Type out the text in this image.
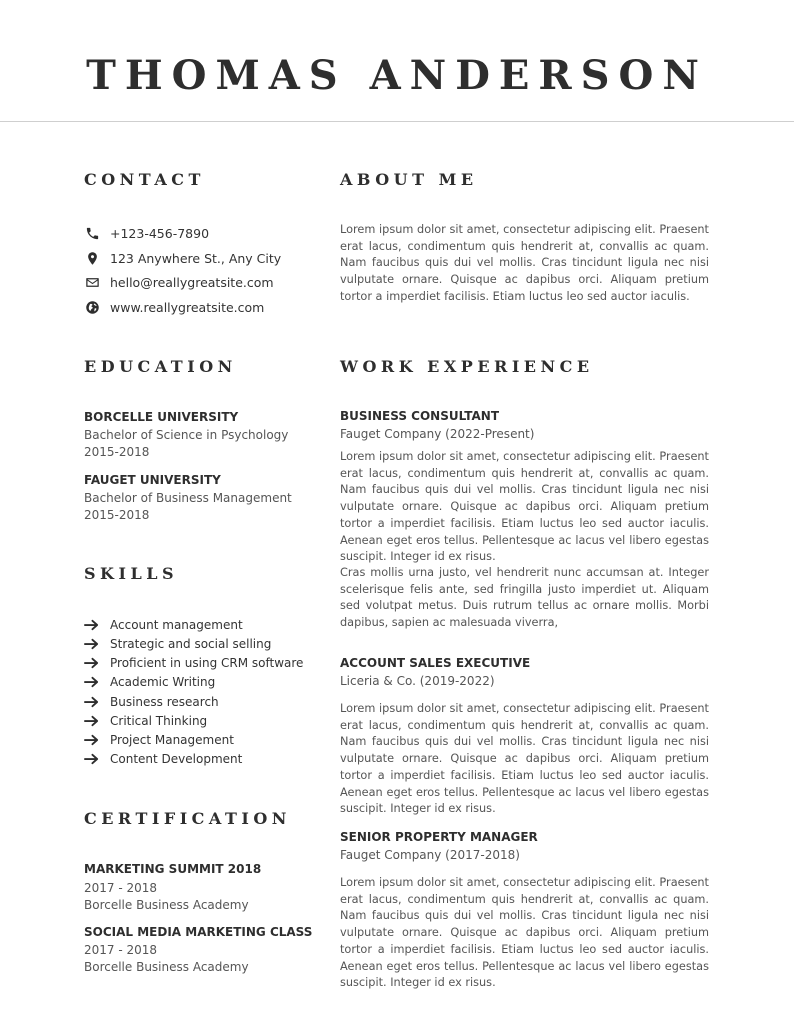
THOMAS ANDERSON
CONTACT
+123-456-7890
123 Anywhere St., Any City
hello@reallygreatsite.com
www.reallygreatsite.com
ABOUT ME

Lorem ipsum dolor sit amet, consectetur adipiscing elit. Praesent erat lacus, condimentum quis hendrerit at, convallis ac quam. Nam faucibus quis dui vel mollis. Cras tincidunt ligula nec nisi vulputate ornare. Quisque ac dapibus orci. Aliquam pretium tortor a imperdiet facilisis. Etiam luctus leo sed auctor iaculis.

EDUCATION
BORCELLE UNIVERSITY
Bachelor of Science in Psychology
2015-2018
FAUGET UNIVERSITY
Bachelor of Business Management
2015-2018
SKILLS
Account management
Strategic and social selling
Proficient in using CRM software
Academic Writing
Business research
Critical Thinking
Project Management
Content Development
CERTIFICATION
MARKETING SUMMIT 2018
2017 - 2018
Borcelle Business Academy
SOCIAL MEDIA MARKETING CLASS
2017 - 2018
Borcelle Business Academy
WORK EXPERIENCE
BUSINESS CONSULTANT
Fauget Company (2022-Present)

Lorem ipsum dolor sit amet, consectetur adipiscing elit. Praesent erat lacus, condimentum quis hendrerit at, convallis ac quam. Nam faucibus quis dui vel mollis. Cras tincidunt ligula nec nisi vulputate ornare. Quisque ac dapibus orci. Aliquam pretium tortor a imperdiet facilisis. Etiam luctus leo sed auctor iaculis. Aenean eget eros tellus. Pellentesque ac lacus vel libero egestas suscipit. Integer id ex risus.

Cras mollis urna justo, vel hendrerit nunc accumsan at. Integer scelerisque felis ante, sed fringilla justo imperdiet ut. Aliquam sed volutpat metus. Duis rutrum tellus ac ornare mollis. Morbi dapibus, sapien ac malesuada viverra,

ACCOUNT SALES EXECUTIVE
Liceria & Co. (2019-2022)

Lorem ipsum dolor sit amet, consectetur adipiscing elit. Praesent erat lacus, condimentum quis hendrerit at, convallis ac quam. Nam faucibus quis dui vel mollis. Cras tincidunt ligula nec nisi vulputate ornare. Quisque ac dapibus orci. Aliquam pretium tortor a imperdiet facilisis. Etiam luctus leo sed auctor iaculis. Aenean eget eros tellus. Pellentesque ac lacus vel libero egestas suscipit. Integer id ex risus.

SENIOR PROPERTY MANAGER
Fauget Company (2017-2018)

Lorem ipsum dolor sit amet, consectetur adipiscing elit. Praesent erat lacus, condimentum quis hendrerit at, convallis ac quam. Nam faucibus quis dui vel mollis. Cras tincidunt ligula nec nisi vulputate ornare. Quisque ac dapibus orci. Aliquam pretium tortor a imperdiet facilisis. Etiam luctus leo sed auctor iaculis. Aenean eget eros tellus. Pellentesque ac lacus vel libero egestas suscipit. Integer id ex risus.
